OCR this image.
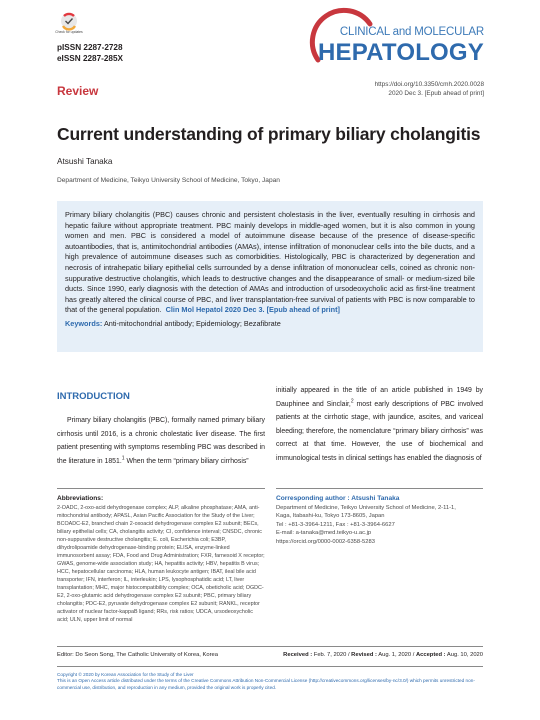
Check for updates
pISSN 2287-2728
eISSN 2287-285X
Review
CLINICAL and MOLECULAR
HEPATOLOGY
https://doi.org/10.3350/cmh.2020.0028
2020 Dec 3. [Epub ahead of print]
Current understanding of primary biliary cholangitis
Atsushi Tanaka
Department of Medicine, Teikyo University School of Medicine, Tokyo, Japan
Primary biliary cholangitis (PBC) causes chronic and persistent cholestasis in the liver, eventually resulting in cirrhosis and hepatic failure without appropriate treatment. PBC mainly develops in middle-aged women, but it is also common in young women and men. PBC is considered a model of autoimmune disease because of the presence of disease-specific autoantibodies, that is, antimitochondrial antibodies (AMAs), intense infiltration of mononuclear cells into the bile ducts, and a high prevalence of autoimmune diseases such as comorbidities. Histologically, PBC is characterized by degeneration and necrosis of intrahepatic biliary epithelial cells surrounded by a dense infiltration of mononuclear cells, coined as chronic non-suppurative destructive cholangitis, which leads to destructive changes and the disappearance of small- or medium-sized bile ducts. Since 1990, early diagnosis with the detection of AMAs and introduction of ursodeoxycholic acid as first-line treatment has greatly altered the clinical course of PBC, and liver transplantation-free survival of patients with PBC is now comparable to that of the general population. Clin Mol Hepatol 2020 Dec 3. [Epub ahead of print]
Keywords: Anti-mitochondrial antibody; Epidemiology; Bezafibrate
INTRODUCTION
Primary biliary cholangitis (PBC), formally named primary biliary cirrhosis until 2016, is a chronic cholestatic liver disease. The first patient presenting with symptoms resembling PBC was described in the literature in 1851.$^1$ When the term “primary biliary cirrhosis”
initially appeared in the title of an article published in 1949 by Dauphinee and Sinclair,$^2$ most early descriptions of PBC involved patients at the cirrhotic stage, with jaundice, ascites, and variceal bleeding; therefore, the nomenclature “primary biliary cirrhosis” was correct at that time. However, the use of biochemical and immunological tests in clinical settings has enabled the diagnosis of
Abbreviations:
2-OADC, 2-oxo-acid dehydrogenase complex; ALP, alkaline phosphatase; AMA, anti-mitochondrial antibody; APASL, Asian Pacific Association for the Study of the Liver; BCOADC-E2, branched chain 2-oxoacid dehydrogenase complex E2 subunit; BECs, biliary epithelial cells; CA, cholangitis activity; CI, confidence interval; CNSDC, chronic non-suppurative destructive cholangitis; E. coli, Escherichia coli; E3BP, dihydrolipoamide dehydrogenase-binding protein; ELISA, enzyme-linked immunosorbent assay; FDA, Food and Drug Administration; FXR, farnesoid X receptor; GWAS, genome-wide association study; HA, hepatitis activity; HBV, hepatitis B virus; HCC, hepatocellular carcinoma; HLA, human leukocyte antigen; IBAT, ileal bile acid transporter; IFN, interferon; IL, interleukin; LPS, lysophosphatidic acid; LT, liver transplantation; MHC, major histocompatibility complex; OCA, obeticholic acid; OGDC-E2, 2-oxo-glutamic acid dehydrogenase complex E2 subunit; PBC, primary biliary cholangitis; PDC-E2, pyruvate dehydrogenase complex E2 subunit; RANKL, receptor activator of nuclear factor-kappaB ligand; RRs, risk ratios; UDCA, ursodeoxycholic acid; ULN, upper limit of normal
Corresponding author : Atsushi Tanaka
Department of Medicine, Teikyo University School of Medicine, 2-11-1,
Kaga, Itabashi-ku, Tokyo 173-8605, Japan
Tel : +81-3-3964-1211, Fax : +81-3-3964-6627
E-mail: a-tanaka@med.teikyo-u.ac.jp
https://orcid.org/0000-0002-6358-5283
Editor: Do Seon Song, The Catholic University of Korea, Korea	Received : Feb. 7, 2020 / Revised : Aug. 1, 2020 / Accepted : Aug. 10, 2020
Copyright © 2020 by Korean Association for the Study of the Liver
This is an Open Access article distributed under the terms of the Creative Commons Attribution Non-Commercial License (http://creativecommons.org/licenses/by-nc/3.0/) which permits unrestricted non-commercial use, distribution, and reproduction in any medium, provided the original work is properly cited.
